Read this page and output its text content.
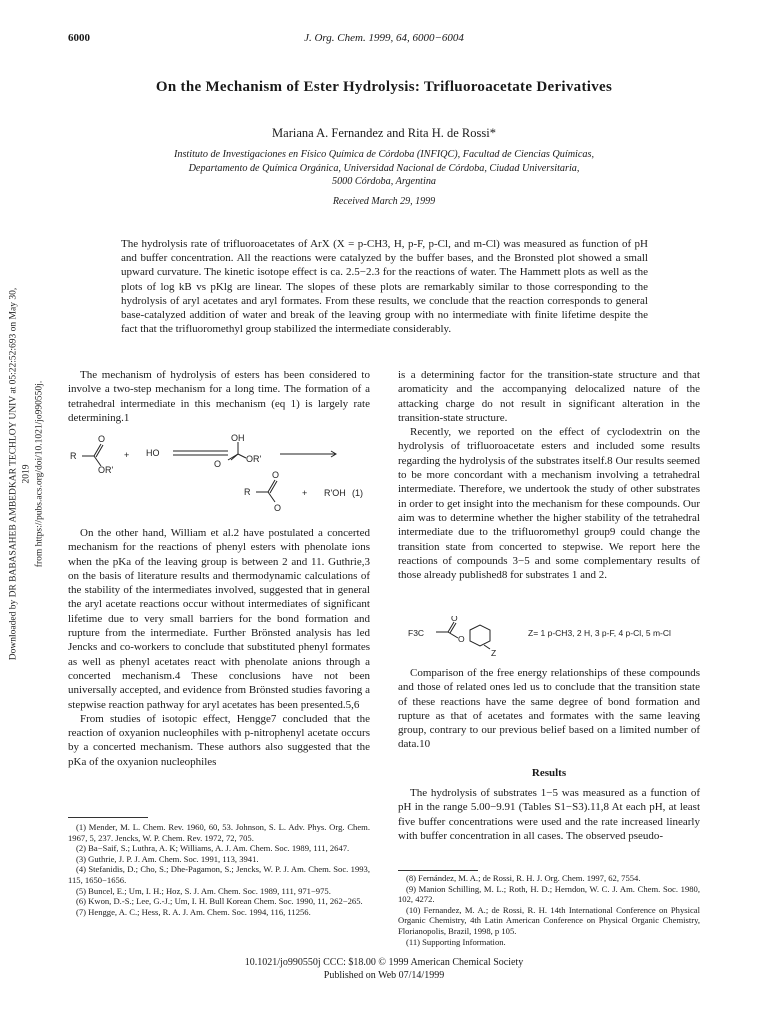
6000	J. Org. Chem. 1999, 64, 6000−6004
On the Mechanism of Ester Hydrolysis: Trifluoroacetate Derivatives
Mariana A. Fernandez and Rita H. de Rossi*
Instituto de Investigaciones en Físico Química de Córdoba (INFIQC), Facultad de Ciencias Químicas,
Departamento de Química Orgánica, Universidad Nacional de Córdoba, Ciudad Universitaria,
5000 Córdoba, Argentina
Received March 29, 1999
The hydrolysis rate of trifluoroacetates of ArX (X = p-CH3, H, p-F, p-Cl, and m-Cl) was measured as function of pH and buffer concentration. All the reactions were catalyzed by the buffer bases, and the Bronsted plot showed a small upward curvature. The kinetic isotope effect is ca. 2.5−2.3 for the reactions of water. The Hammett plots as well as the plots of log kB vs pKlg are linear. The slopes of these plots are remarkably similar to those corresponding to the hydrolysis of aryl acetates and aryl formates. From these results, we conclude that the reaction corresponds to general base-catalyzed addition of water and break of the leaving group with no intermediate with finite lifetime despite the fact that the trifluoromethyl group stabilized the intermediate considerably.
Downloaded by DR BABASAHEB AMBEDKAR TECHLOY UNIV at 05:22:52:693 on May 30, 2019 from https://pubs.acs.org/doi/10.1021/jo990550j.

The mechanism of hydrolysis of esters has been considered to involve a two-step mechanism for a long time. The formation of a tetrahedral intermediate in this mechanism (eq 1) is largely rate determining.1

R
O
OR'
+ HO
OH
O	OR'
R
O
O
+ R'OH (1)

On the other hand, William et al.2 have postulated a concerted mechanism for the reactions of phenyl esters with phenolate ions when the pKa of the leaving group is between 2 and 11. Guthrie,3 on the basis of literature results and thermodynamic calculations of the stability of the intermediates involved, suggested that in general the aryl acetate reactions occur without intermediates of significant lifetime due to very small barriers for the bond formation and rupture from the intermediate. Further Brönsted analysis has led Jencks and co-workers to conclude that substituted phenyl formates as well as phenyl acetates react with phenolate anions through a concerted mechanism.4 These conclusions have not been universally accepted, and evidence from Brönsted studies favoring a stepwise reaction pathway for aryl acetates has been presented.5,6

From studies of isotopic effect, Hengge7 concluded that the reaction of oxyanion nucleophiles with p-nitrophenyl acetate occurs by a concerted mechanism. These authors also suggested that the pKa of the oxyanion nucleophiles

(1) Mender, M. L. Chem. Rev. 1960, 60, 53. Johnson, S. L. Adv. Phys. Org. Chem. 1967, 5, 237. Jencks, W. P. Chem. Rev. 1972, 72, 705.
(2) Ba−Saif, S.; Luthra, A. K; Williams, A. J. Am. Chem. Soc. 1989, 111, 2647.
(3) Guthrie, J. P. J. Am. Chem. Soc. 1991, 113, 3941.
(4) Stefanidis, D.; Cho, S.; Dhe-Pagamon, S.; Jencks, W. P. J. Am. Chem. Soc. 1993, 115, 1650−1656.
(5) Buncel, E.; Um, I. H.; Hoz, S. J. Am. Chem. Soc. 1989, 111, 971−975.
(6) Kwon, D.-S.; Lee, G.-J.; Um, I. H. Bull Korean Chem. Soc. 1990, 11, 262−265.
(7) Hengge, A. C.; Hess, R. A. J. Am. Chem. Soc. 1994, 116, 11256.

is a determining factor for the transition-state structure and that aromaticity and the accompanying delocalized nature of the attacking charge do not result in significant alteration in the transition-state structure.

Recently, we reported on the effect of cyclodextrin on the hydrolysis of trifluoroacetate esters and included some results regarding the hydrolysis of the substrates itself.8 Our results seemed to be more concordant with a mechanism involving a tetrahedral intermediate. Therefore, we undertook the study of other substrates in order to get insight into the mechanism for these compounds. Our aim was to determine whether the higher stability of the tetrahedral intermediate due to the trifluoromethyl group9 could change the transition state from concerted to stepwise. We report here the reactions of compounds 3−5 and some complementary results of those already published8 for substrates 1 and 2.

F3C
O
O
Z
Z= 1 p-CH3, 2 H, 3 p-F, 4 p-Cl, 5 m-Cl

Comparison of the free energy relationships of these compounds and those of related ones led us to conclude that the transition state of these reactions have the same degree of bond formation and rupture as that of acetates and formates with the same leaving group, contrary to our previous belief based on a limited number of data.10

Results

The hydrolysis of substrates 1−5 was measured as a function of pH in the range 5.00−9.91 (Tables S1−S3).11,8 At each pH, at least five buffer concentrations were used and the rate increased linearly with buffer concentration in all cases. The observed pseudo-

(8) Fernández, M. A.; de Rossi, R. H. J. Org. Chem. 1997, 62, 7554.
(9) Manion Schilling, M. L.; Roth, H. D.; Herndon, W. C. J. Am. Chem. Soc. 1980, 102, 4272.
(10) Fernandez, M. A.; de Rossi, R. H. 14th International Conference on Physical Organic Chemistry, 4th Latin American Conference on Physical Organic Chemistry, Florianopolis, Brazil, 1998, p 105.
(11) Supporting Information.
10.1021/jo990550j CCC: $18.00 © 1999 American Chemical Society
Published on Web 07/14/1999
